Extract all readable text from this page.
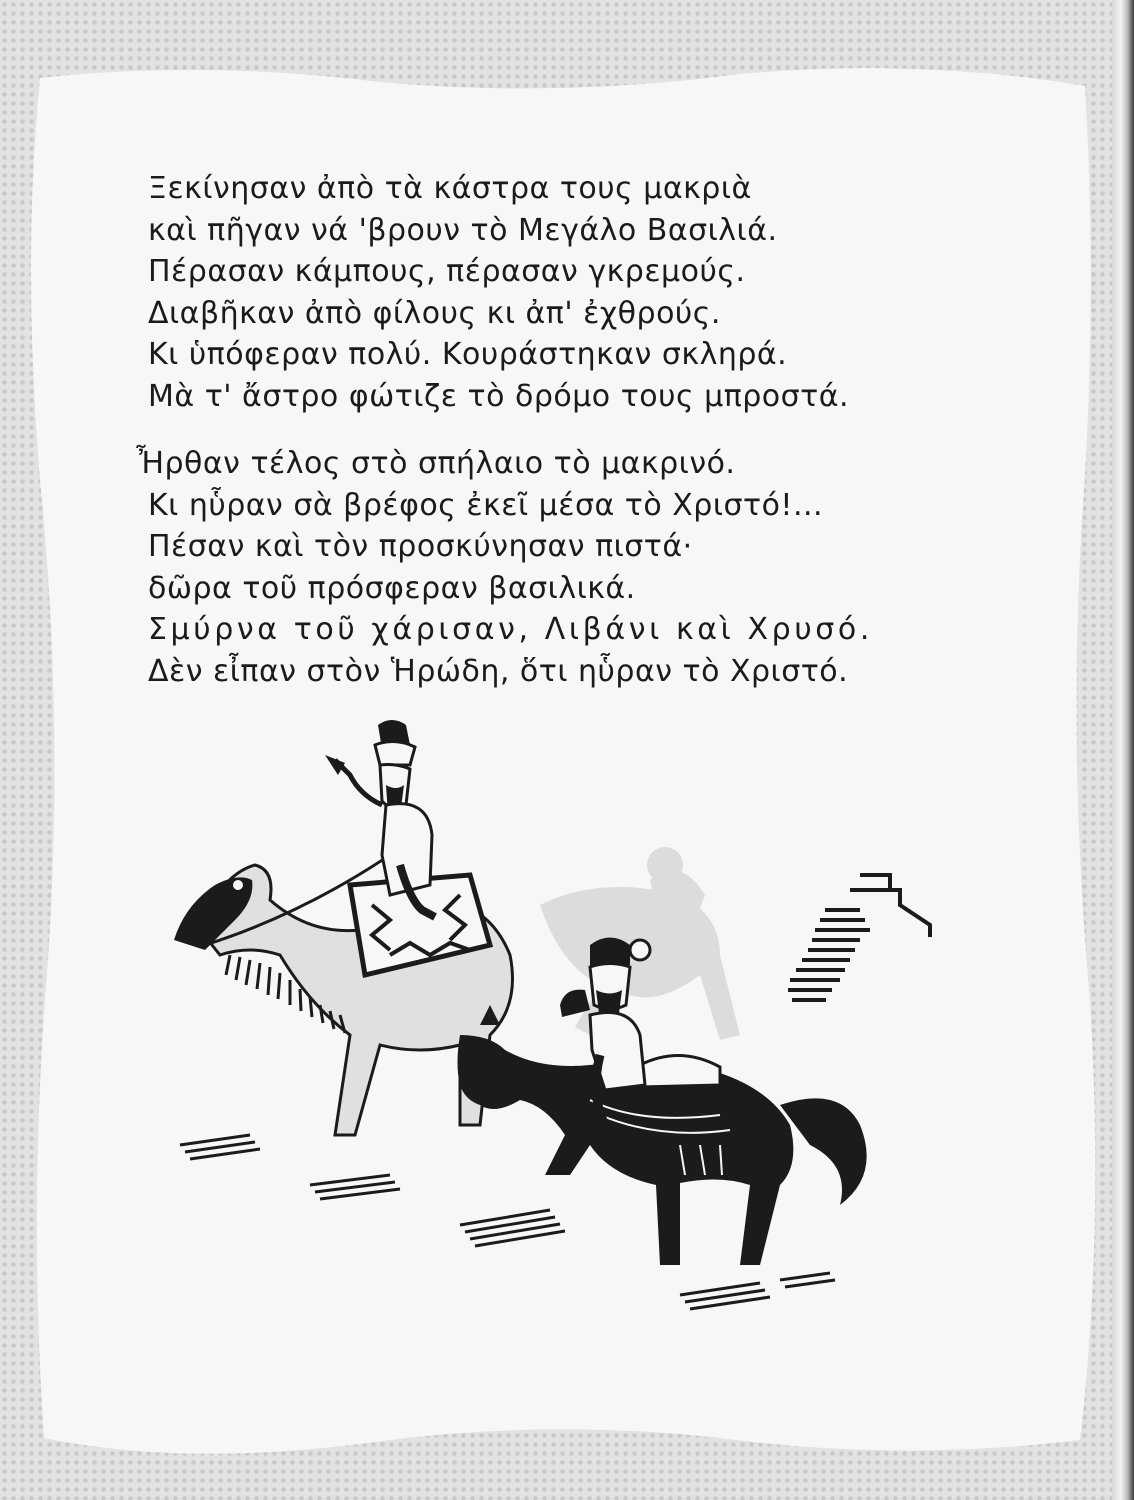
Ξεκίνησαν ἀπὸ τὰ κάστρα τους μακριὰ
καὶ πῆγαν νά 'βρουν τὸ Μεγάλο Βασιλιά.
Πέρασαν κάμπους, πέρασαν γκρεμούς.
Διαβῆκαν ἀπὸ φίλους κι ἀπ' ἐχθρούς.
Κι ὑπόφεραν πολύ. Κουράστηκαν σκληρά.
Μὰ τ' ἄστρο φώτιζε τὸ δρόμο τους μπροστά.
Ἦρθαν τέλος στὸ σπήλαιο τὸ μακρινό.
Κι ηὗραν σὰ βρέφος ἐκεῖ μέσα τὸ Χριστό!...
Πέσαν καὶ τὸν προσκύνησαν πιστά·
δῶρα τοῦ πρόσφεραν βασιλικά.
Σμύρνα τοῦ χάρισαν, Λιβάνι καὶ Χρυσό.
Δὲν εἶπαν στὸν Ἡρώδη, ὅτι ηὗραν τὸ Χριστό.
